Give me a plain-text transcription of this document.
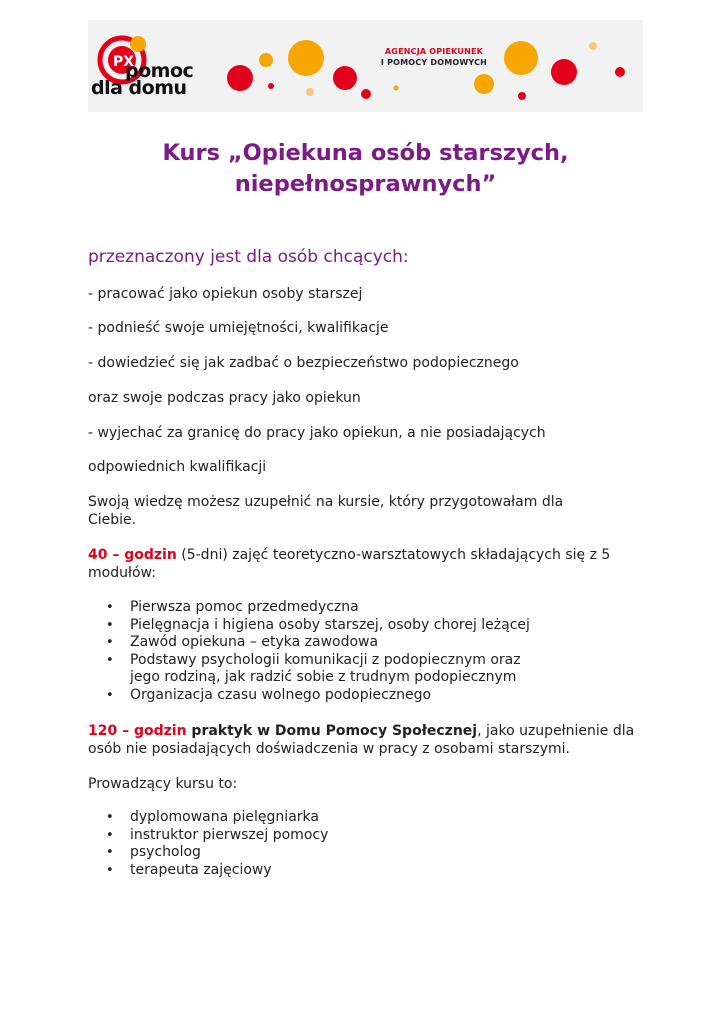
PX
pomoc
dla domu
AGENCJA OPIEKUNEK
I POMOCY DOMOWYCH
Kurs „Opiekuna osób starszych,
niepełnosprawnych”
przeznaczony jest dla osób chcących:
- pracować jako opiekun osoby starszej
- podnieść swoje umiejętności, kwalifikacje
- dowiedzieć się jak zadbać o bezpieczeństwo podopiecznego
oraz swoje podczas pracy jako opiekun
- wyjechać za granicę do pracy jako opiekun, a nie posiadających
odpowiednich kwalifikacji
Swoją wiedzę możesz uzupełnić na kursie, który przygotowałam dla Ciebie.
40 – godzin (5-dni) zajęć teoretyczno-warsztatowych składających się z 5 modułów:
• Pierwsza pomoc przedmedyczna
• Pielęgnacja i higiena osoby starszej, osoby chorej leżącej
• Zawód opiekuna – etyka zawodowa
• Podstawy psychologii komunikacji z podopiecznym oraz jego rodziną, jak radzić sobie z trudnym podopiecznym
• Organizacja czasu wolnego podopiecznego
120 – godzin praktyk w Domu Pomocy Społecznej, jako uzupełnienie dla osób nie posiadających doświadczenia w pracy z osobami starszymi.
Prowadzący kursu to:
• dyplomowana pielęgniarka
• instruktor pierwszej pomocy
• psycholog
• terapeuta zajęciowy
